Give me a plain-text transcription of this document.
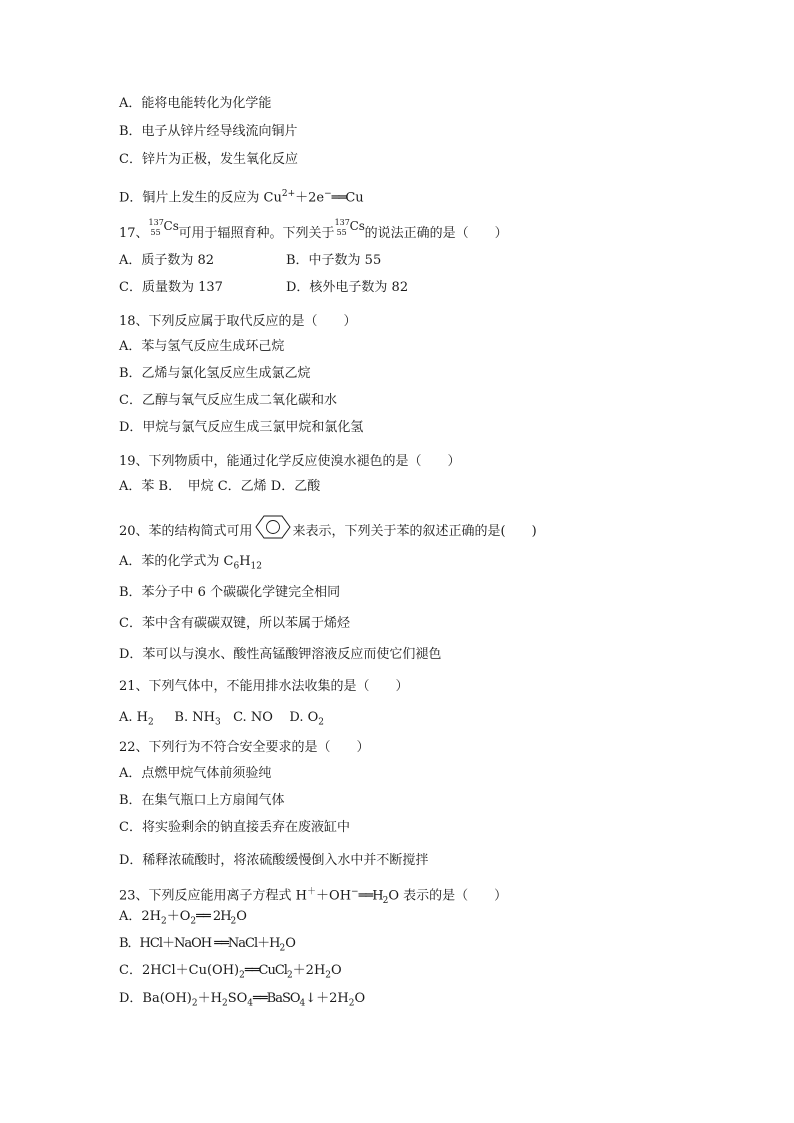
A．能将电能转化为化学能
B．电子从锌片经导线流向铜片
C．锌片为正极，发生氧化反应
D．铜片上发生的反应为 $Cu^{2+}+2e^-══Cu$
17、
137
55 Cs 可用于辐照育种。下列关于
137
55 Cs 的说法正确的是（　　）
A．质子数为 82	B．中子数为 55
C．质量数为 137	D．核外电子数为 82
18、下列反应属于取代反应的是（　　）
A．苯与氢气反应生成环己烷
B．乙烯与氯化氢反应生成氯乙烷
C．乙醇与氧气反应生成二氧化碳和水
D．甲烷与氯气反应生成三氯甲烷和氯化氢
19、下列物质中，能通过化学反应使溴水褪色的是（　　）
A．苯 B．　甲烷 C．乙烯 D．乙酸
20、苯的结构简式可用	来表示，下列关于苯的叙述正确的是(　　)
A．苯的化学式为 $C_6H_{12}$
B．苯分子中 6 个碳碳化学键完全相同
C．苯中含有碳碳双键，所以苯属于烯烃
D．苯可以与溴水、酸性高锰酸钾溶液反应而使它们褪色
21、下列气体中，不能用排水法收集的是（　　）
A. $H_2$ B. $NH_3$ C. NO D. $O_2$
22、下列行为不符合安全要求的是（　　）
A．点燃甲烷气体前须验纯
B．在集气瓶口上方扇闻气体
C．将实验剩余的钠直接丢弃在废液缸中
D．稀释浓硫酸时，将浓硫酸缓慢倒入水中并不断搅拌
23、下列反应能用离子方程式 $H^++OH^-══H_2O$ 表示的是（　　）
A．$2H_2+O_2══$ $2H_2O$
B．HCl＋NaOH $══NaCl+H_2O$
C．$2HCl+Cu(OH)_2══CuCl_2+2H_2O$
D．$Ba(OH)_2+H_2SO_4══BaSO_4↓+2H_2O$
